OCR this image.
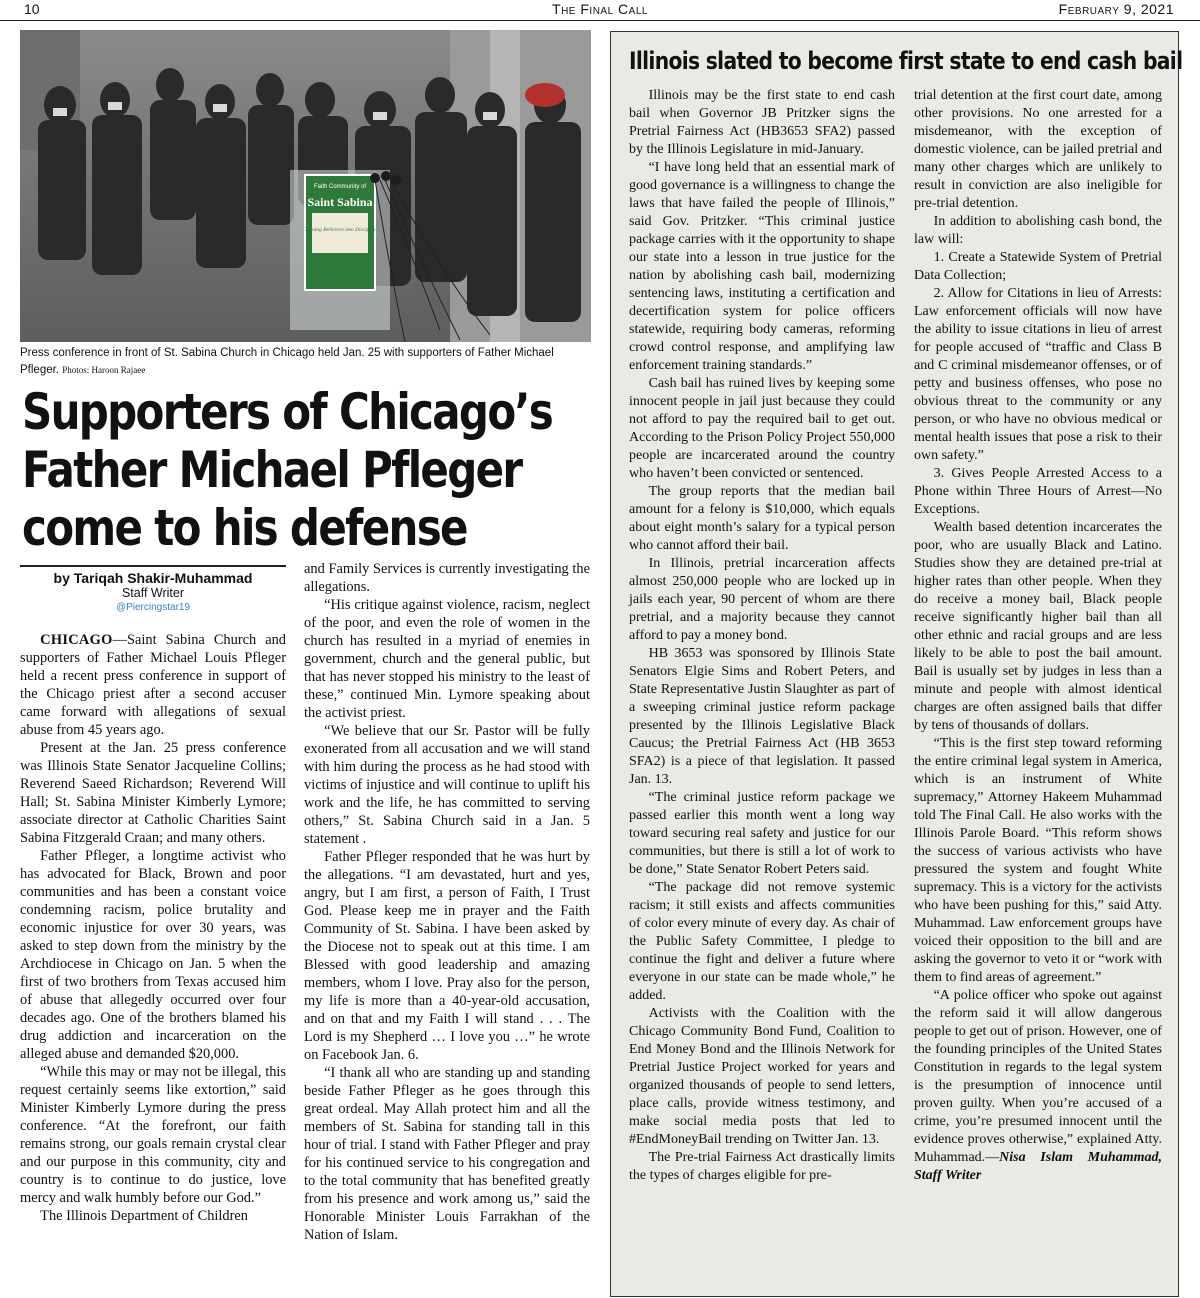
10	The Final Call	February 9, 2021
Faith Community of
Saint Sabina
Turning Believers into Disciples
Press conference in front of St. Sabina Church in Chicago held Jan. 25 with supporters of Father Michael Pfleger. Photos: Haroon Rajaee
Supporters of Chicago’s
Father Michael Pfleger
come to his defense
by Tariqah Shakir-Muhammad
Staff Writer
@Piercingstar19

CHICAGO—Saint Sabina Church and supporters of Father Michael Louis Pfleger held a recent press conference in support of the Chicago priest after a second accuser came forward with allegations of sexual abuse from 45 years ago.

Present at the Jan. 25 press conference was Illinois State Senator Jacqueline Collins; Reverend Saeed Richardson; Reverend Will Hall; St. Sabina Minister Kimberly Lymore; associate director at Catholic Charities Saint Sabina Fitzgerald Craan; and many others.

Father Pfleger, a longtime activist who has advocated for Black, Brown and poor communities and has been a constant voice condemning racism, police brutality and economic injustice for over 30 years, was asked to step down from the ministry by the Archdiocese in Chicago on Jan. 5 when the first of two brothers from Texas accused him of abuse that allegedly occurred over four decades ago. One of the brothers blamed his drug addiction and incarceration on the alleged abuse and demanded $20,000.

“While this may or may not be illegal, this request certainly seems like extortion,” said Minister Kimberly Lymore during the press conference. “At the forefront, our faith remains strong, our goals remain crystal clear and our purpose in this community, city and country is to continue to do justice, love mercy and walk humbly before our God.”

The Illinois Department of Children

and Family Services is currently investigating the allegations.

“His critique against violence, racism, neglect of the poor, and even the role of women in the church has resulted in a myriad of enemies in government, church and the general public, but that has never stopped his ministry to the least of these,” continued Min. Lymore speaking about the activist priest.

“We believe that our Sr. Pastor will be fully exonerated from all accusation and we will stand with him during the process as he had stood with victims of injustice and will continue to uplift his work and the life, he has committed to serving others,” St. Sabina Church said in a Jan. 5 statement .

Father Pfleger responded that he was hurt by the allegations. “I am devastated, hurt and yes, angry, but I am first, a person of Faith, I Trust God. Please keep me in prayer and the Faith Community of St. Sabina. I have been asked by the Diocese not to speak out at this time. I am Blessed with good leadership and amazing members, whom I love. Pray also for the person, my life is more than a 40-year-old accusation, and on that and my Faith I will stand . . . The Lord is my Shepherd … I love you …” he wrote on Facebook Jan. 6.

“I thank all who are standing up and standing beside Father Pfleger as he goes through this great ordeal. May Allah protect him and all the members of St. Sabina for standing tall in this hour of trial. I stand with Father Pfleger and pray for his continued service to his congregation and to the total community that has benefited greatly from his presence and work among us,” said the Honorable Minister Louis Farrakhan of the Nation of Islam.

Illinois slated to become first state to end cash bail

Illinois may be the first state to end cash bail when Governor JB Pritzker signs the Pretrial Fairness Act (HB3653 SFA2) passed by the Illinois Legislature in mid-January.

“I have long held that an essential mark of good governance is a willingness to change the laws that have failed the people of Illinois,” said Gov. Pritzker. “This criminal justice package carries with it the opportunity to shape our state into a lesson in true justice for the nation by abolishing cash bail, modernizing sentencing laws, instituting a certification and decertification system for police officers statewide, requiring body cameras, reforming crowd control response, and amplifying law enforcement training standards.”

Cash bail has ruined lives by keeping some innocent people in jail just because they could not afford to pay the required bail to get out. According to the Prison Policy Project 550,000 people are incarcerated around the country who haven’t been convicted or sentenced.

The group reports that the median bail amount for a felony is $10,000, which equals about eight month’s salary for a typical person who cannot afford their bail.

In Illinois, pretrial incarceration affects almost 250,000 people who are locked up in jails each year, 90 percent of whom are there pretrial, and a majority because they cannot afford to pay a money bond.

HB 3653 was sponsored by Illinois State Senators Elgie Sims and Robert Peters, and State Representative Justin Slaughter as part of a sweeping criminal justice reform package presented by the Illinois Legislative Black Caucus; the Pretrial Fairness Act (HB 3653 SFA2) is a piece of that legislation. It passed Jan. 13.

“The criminal justice reform package we passed earlier this month went a long way toward securing real safety and justice for our communities, but there is still a lot of work to be done,” State Senator Robert Peters said.

“The package did not remove systemic racism; it still exists and affects communities of color every minute of every day. As chair of the Public Safety Committee, I pledge to continue the fight and deliver a future where everyone in our state can be made whole,” he added.

Activists with the Coalition with the Chicago Community Bond Fund, Coalition to End Money Bond and the Illinois Network for Pretrial Justice Project worked for years and organized thousands of people to send letters, place calls, provide witness testimony, and make social media posts that led to #EndMoneyBail trending on Twitter Jan. 13.

The Pre-trial Fairness Act drastically limits the types of charges eligible for pre-

trial detention at the first court date, among other provisions. No one arrested for a misdemeanor, with the exception of domestic violence, can be jailed pretrial and many other charges which are unlikely to result in conviction are also ineligible for pre-trial detention.

In addition to abolishing cash bond, the law will:

1. Create a Statewide System of Pretrial Data Collection;

2. Allow for Citations in lieu of Arrests: Law enforcement officials will now have the ability to issue citations in lieu of arrest for people accused of “traffic and Class B and C criminal misdemeanor offenses, or of petty and business offenses, who pose no obvious threat to the community or any person, or who have no obvious medical or mental health issues that pose a risk to their own safety.”

3. Gives People Arrested Access to a Phone within Three Hours of Arrest—No Exceptions.

Wealth based detention incarcerates the poor, who are usually Black and Latino. Studies show they are detained pre-trial at higher rates than other people. When they do receive a money bail, Black people receive significantly higher bail than all other ethnic and racial groups and are less likely to be able to post the bail amount. Bail is usually set by judges in less than a minute and people with almost identical charges are often assigned bails that differ by tens of thousands of dollars.

“This is the first step toward reforming the entire criminal legal system in America, which is an instrument of White supremacy,” Attorney Hakeem Muhammad told The Final Call. He also works with the Illinois Parole Board. “This reform shows the success of various activists who have pressured the system and fought White supremacy. This is a victory for the activists who have been pushing for this,” said Atty. Muhammad. Law enforcement groups have voiced their opposition to the bill and are asking the governor to veto it or “work with them to find areas of agreement.”

“A police officer who spoke out against the reform said it will allow dangerous people to get out of prison. However, one of the founding principles of the United States Constitution in regards to the legal system is the presumption of innocence until proven guilty. When you’re accused of a crime, you’re presumed innocent until the evidence proves otherwise,” explained Atty. Muhammad.—Nisa Islam Muhammad, Staff Writer
